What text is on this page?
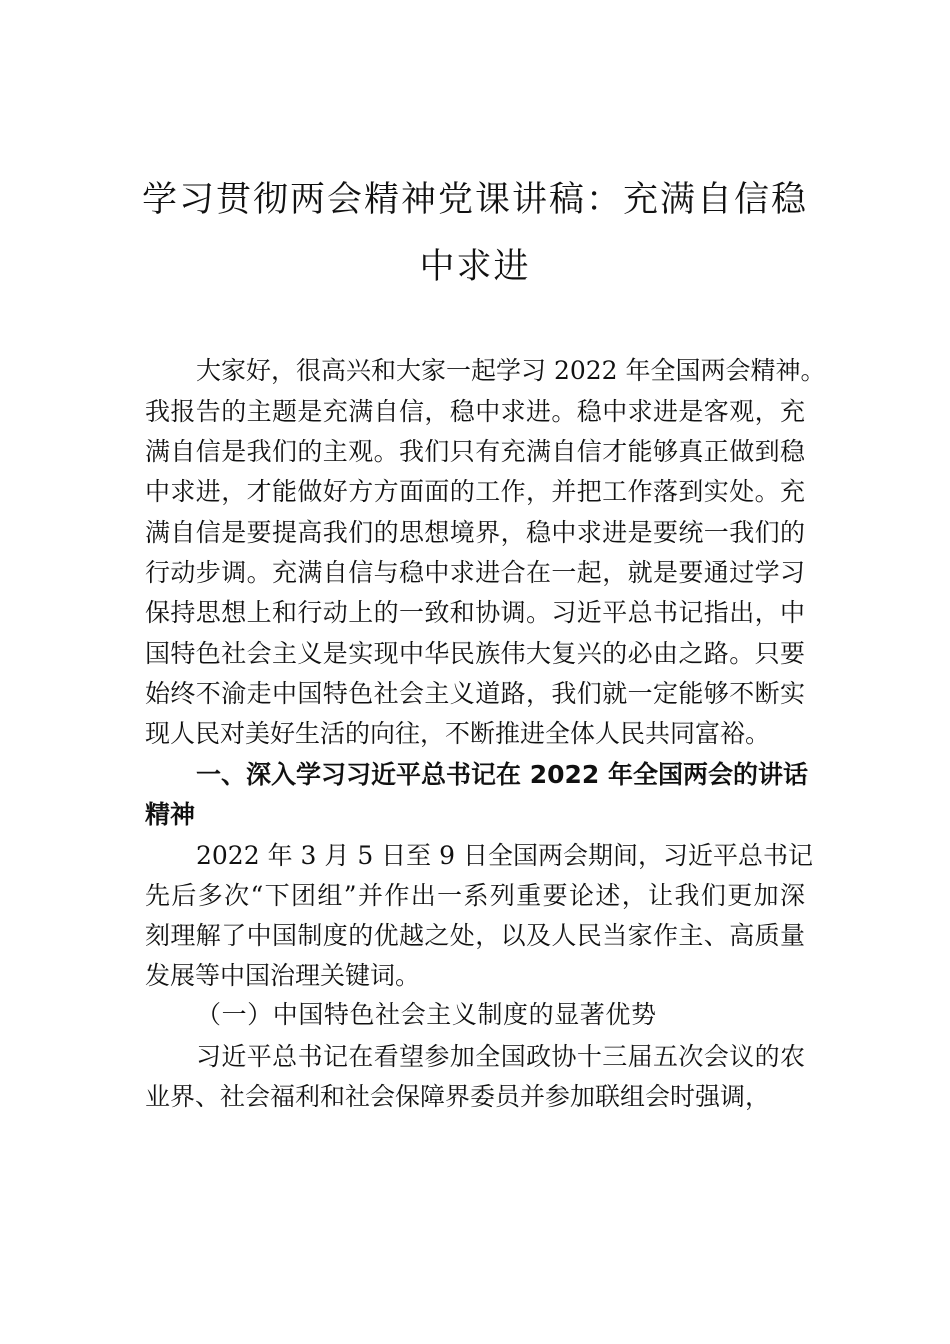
学习贯彻两会精神党课讲稿：充满自信稳
中求进
大家好，很高兴和大家一起学习 2022 年全国两会精神。
我报告的主题是充满自信，稳中求进。稳中求进是客观，充
满自信是我们的主观。我们只有充满自信才能够真正做到稳
中求进，才能做好方方面面的工作，并把工作落到实处。充
满自信是要提高我们的思想境界，稳中求进是要统一我们的
行动步调。充满自信与稳中求进合在一起，就是要通过学习
保持思想上和行动上的一致和协调。习近平总书记指出，中
国特色社会主义是实现中华民族伟大复兴的必由之路。只要
始终不渝走中国特色社会主义道路，我们就一定能够不断实
现人民对美好生活的向往，不断推进全体人民共同富裕。
一、深入学习习近平总书记在 2022 年全国两会的讲话
精神
2022 年 3 月 5 日至 9 日全国两会期间，习近平总书记
先后多次“下团组”并作出一系列重要论述，让我们更加深
刻理解了中国制度的优越之处，以及人民当家作主、高质量
发展等中国治理关键词。
（一）中国特色社会主义制度的显著优势
习近平总书记在看望参加全国政协十三届五次会议的农
业界、社会福利和社会保障界委员并参加联组会时强调，
